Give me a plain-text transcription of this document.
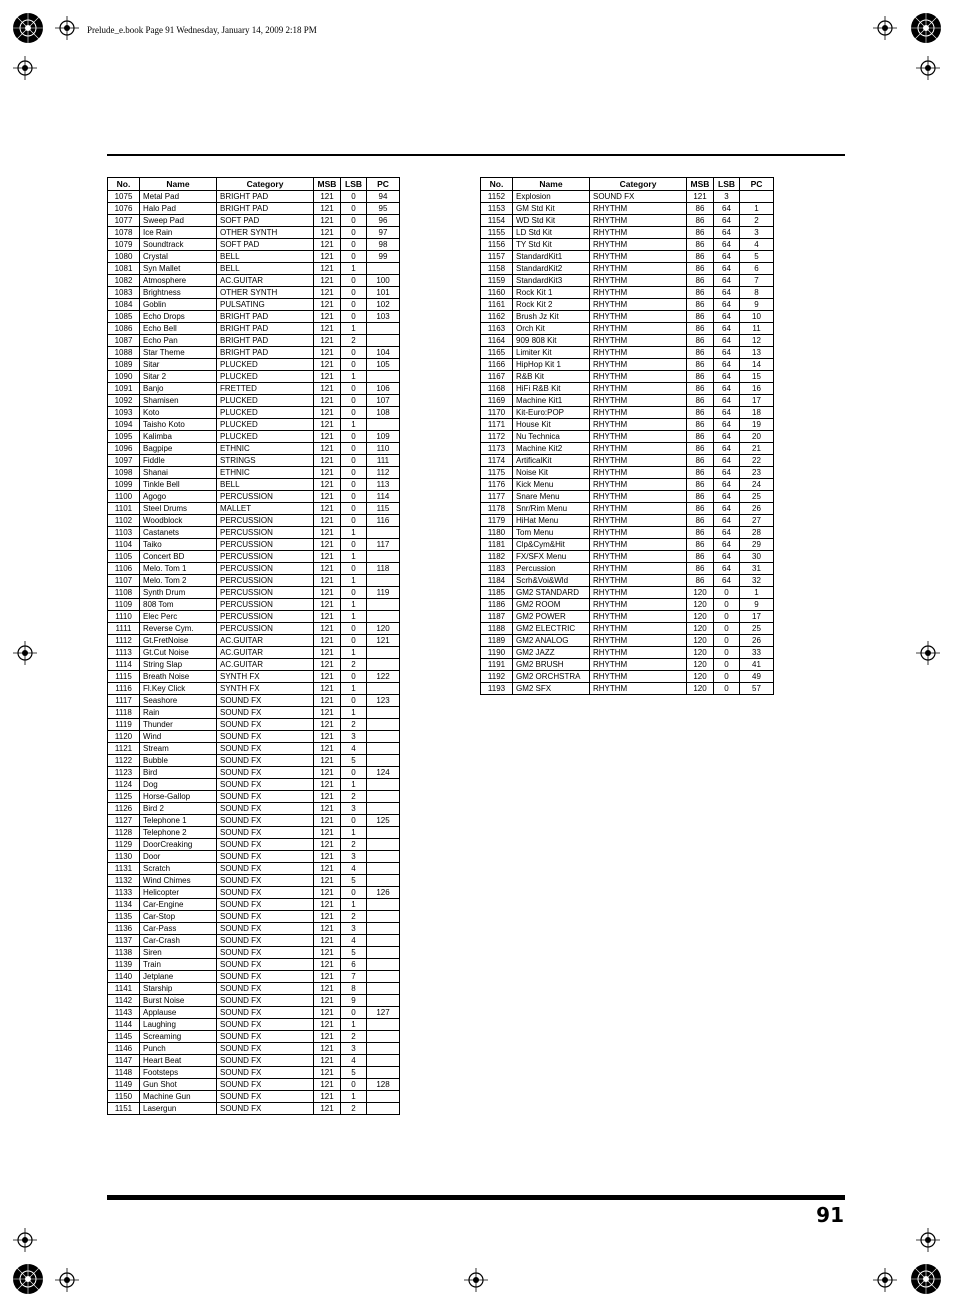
Prelude_e.book Page 91 Wednesday, January 14, 2009 2:18 PM
No.	Name	Category	MSB	LSB	PC
1075	Metal Pad	BRIGHT PAD	121	0	94
1076	Halo Pad	BRIGHT PAD	121	0	95
1077	Sweep Pad	SOFT PAD	121	0	96
1078	Ice Rain	OTHER SYNTH	121	0	97
1079	Soundtrack	SOFT PAD	121	0	98
1080	Crystal	BELL	121	0	99
1081	Syn Mallet	BELL	121	1	
1082	Atmosphere	AC.GUITAR	121	0	100
1083	Brightness	OTHER SYNTH	121	0	101
1084	Goblin	PULSATING	121	0	102
1085	Echo Drops	BRIGHT PAD	121	0	103
1086	Echo Bell	BRIGHT PAD	121	1	
1087	Echo Pan	BRIGHT PAD	121	2	
1088	Star Theme	BRIGHT PAD	121	0	104
1089	Sitar	PLUCKED	121	0	105
1090	Sitar 2	PLUCKED	121	1	
1091	Banjo	FRETTED	121	0	106
1092	Shamisen	PLUCKED	121	0	107
1093	Koto	PLUCKED	121	0	108
1094	Taisho Koto	PLUCKED	121	1	
1095	Kalimba	PLUCKED	121	0	109
1096	Bagpipe	ETHNIC	121	0	110
1097	Fiddle	STRINGS	121	0	111
1098	Shanai	ETHNIC	121	0	112
1099	Tinkle Bell	BELL	121	0	113
1100	Agogo	PERCUSSION	121	0	114
1101	Steel Drums	MALLET	121	0	115
1102	Woodblock	PERCUSSION	121	0	116
1103	Castanets	PERCUSSION	121	1	
1104	Taiko	PERCUSSION	121	0	117
1105	Concert BD	PERCUSSION	121	1	
1106	Melo. Tom 1	PERCUSSION	121	0	118
1107	Melo. Tom 2	PERCUSSION	121	1	
1108	Synth Drum	PERCUSSION	121	0	119
1109	808 Tom	PERCUSSION	121	1	
1110	Elec Perc	PERCUSSION	121	1	
1111	Reverse Cym.	PERCUSSION	121	0	120
1112	Gt.FretNoise	AC.GUITAR	121	0	121
1113	Gt.Cut Noise	AC.GUITAR	121	1	
1114	String Slap	AC.GUITAR	121	2	
1115	Breath Noise	SYNTH FX	121	0	122
1116	Fl.Key Click	SYNTH FX	121	1	
1117	Seashore	SOUND FX	121	0	123
1118	Rain	SOUND FX	121	1	
1119	Thunder	SOUND FX	121	2	
1120	Wind	SOUND FX	121	3	
1121	Stream	SOUND FX	121	4	
1122	Bubble	SOUND FX	121	5	
1123	Bird	SOUND FX	121	0	124
1124	Dog	SOUND FX	121	1	
1125	Horse-Gallop	SOUND FX	121	2	
1126	Bird 2	SOUND FX	121	3	
1127	Telephone 1	SOUND FX	121	0	125
1128	Telephone 2	SOUND FX	121	1	
1129	DoorCreaking	SOUND FX	121	2	
1130	Door	SOUND FX	121	3	
1131	Scratch	SOUND FX	121	4	
1132	Wind Chimes	SOUND FX	121	5	
1133	Helicopter	SOUND FX	121	0	126
1134	Car-Engine	SOUND FX	121	1	
1135	Car-Stop	SOUND FX	121	2	
1136	Car-Pass	SOUND FX	121	3	
1137	Car-Crash	SOUND FX	121	4	
1138	Siren	SOUND FX	121	5	
1139	Train	SOUND FX	121	6	
1140	Jetplane	SOUND FX	121	7	
1141	Starship	SOUND FX	121	8	
1142	Burst Noise	SOUND FX	121	9	
1143	Applause	SOUND FX	121	0	127
1144	Laughing	SOUND FX	121	1	
1145	Screaming	SOUND FX	121	2	
1146	Punch	SOUND FX	121	3	
1147	Heart Beat	SOUND FX	121	4	
1148	Footsteps	SOUND FX	121	5	
1149	Gun Shot	SOUND FX	121	0	128
1150	Machine Gun	SOUND FX	121	1	
1151	Lasergun	SOUND FX	121	2	
No.	Name	Category	MSB	LSB	PC
1152	Explosion	SOUND FX	121	3	
1153	GM Std Kit	RHYTHM	86	64	1
1154	WD Std Kit	RHYTHM	86	64	2
1155	LD Std Kit	RHYTHM	86	64	3
1156	TY Std Kit	RHYTHM	86	64	4
1157	StandardKit1	RHYTHM	86	64	5
1158	StandardKit2	RHYTHM	86	64	6
1159	StandardKit3	RHYTHM	86	64	7
1160	Rock Kit 1	RHYTHM	86	64	8
1161	Rock Kit 2	RHYTHM	86	64	9
1162	Brush Jz Kit	RHYTHM	86	64	10
1163	Orch Kit	RHYTHM	86	64	11
1164	909 808 Kit	RHYTHM	86	64	12
1165	Limiter Kit	RHYTHM	86	64	13
1166	HipHop Kit 1	RHYTHM	86	64	14
1167	R&B Kit	RHYTHM	86	64	15
1168	HiFi R&B Kit	RHYTHM	86	64	16
1169	Machine Kit1	RHYTHM	86	64	17
1170	Kit-Euro:POP	RHYTHM	86	64	18
1171	House Kit	RHYTHM	86	64	19
1172	Nu Technica	RHYTHM	86	64	20
1173	Machine Kit2	RHYTHM	86	64	21
1174	ArtificalKit	RHYTHM	86	64	22
1175	Noise Kit	RHYTHM	86	64	23
1176	Kick Menu	RHYTHM	86	64	24
1177	Snare Menu	RHYTHM	86	64	25
1178	Snr/Rim Menu	RHYTHM	86	64	26
1179	HiHat Menu	RHYTHM	86	64	27
1180	Tom Menu	RHYTHM	86	64	28
1181	Clp&Cym&Hit	RHYTHM	86	64	29
1182	FX/SFX Menu	RHYTHM	86	64	30
1183	Percussion	RHYTHM	86	64	31
1184	Scrh&Voi&Wld	RHYTHM	86	64	32
1185	GM2 STANDARD	RHYTHM	120	0	1
1186	GM2 ROOM	RHYTHM	120	0	9
1187	GM2 POWER	RHYTHM	120	0	17
1188	GM2 ELECTRIC	RHYTHM	120	0	25
1189	GM2 ANALOG	RHYTHM	120	0	26
1190	GM2 JAZZ	RHYTHM	120	0	33
1191	GM2 BRUSH	RHYTHM	120	0	41
1192	GM2 ORCHSTRA	RHYTHM	120	0	49
1193	GM2 SFX	RHYTHM	120	0	57
91
